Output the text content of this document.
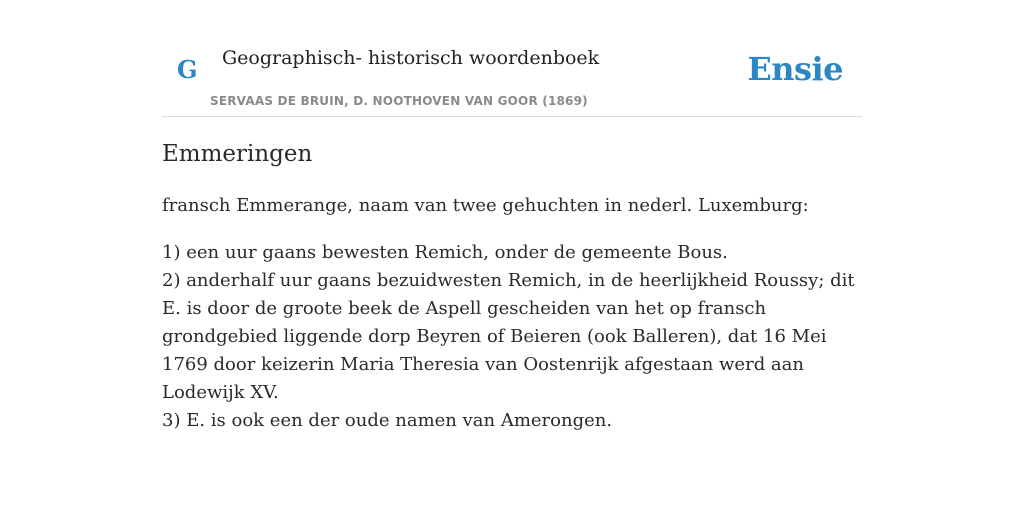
G Geographisch- historisch woordenboek
SERVAAS DE BRUIN, D. NOOTHOVEN VAN GOOR (1869)
Ensie
Emmeringen
fransch Emmerange, naam van twee gehuchten in nederl. Luxemburg:

1) een uur gaans bewesten Remich, onder de gemeente Bous.

2) anderhalf uur gaans bezuidwesten Remich, in de heerlijkheid Roussy; dit E. is door de groote beek de Aspell gescheiden van het op fransch grondgebied liggende dorp Beyren of Beieren (ook Balleren), dat 16 Mei 1769 door keizerin Maria Theresia van Oostenrijk afgestaan werd aan Lodewijk XV.

3) E. is ook een der oude namen van Amerongen.
